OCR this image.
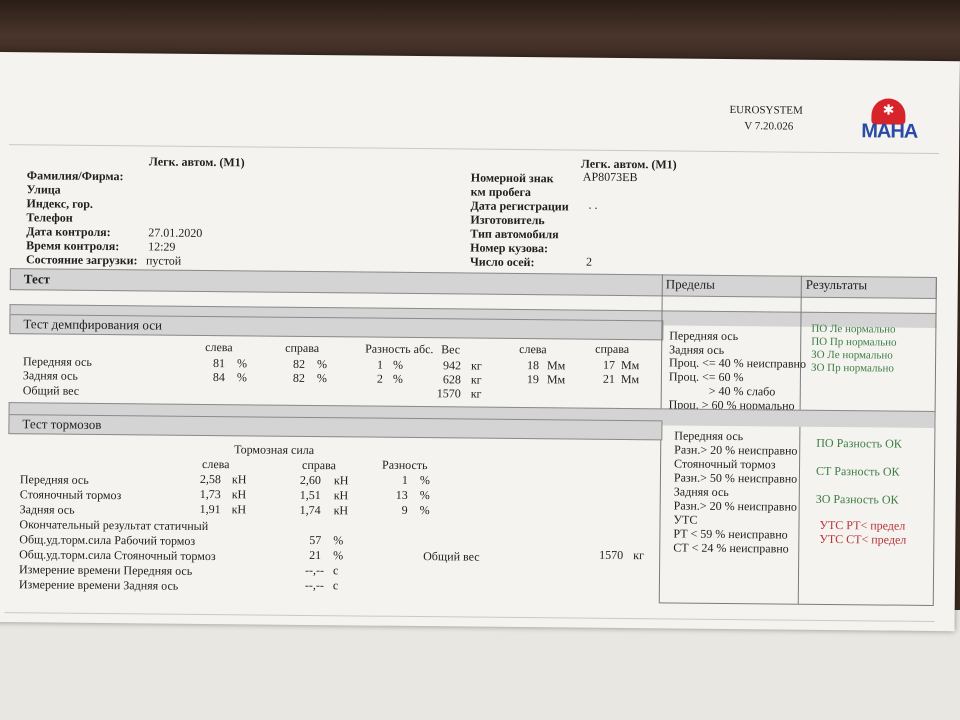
EUROSYSTEM
V 7.20.026
✱
MAHA
Легк. автом. (M1)
Фамилия/Фирма:
Улица
Индекс, гор.
Телефон
Дата контроля:	27.01.2020
Время контроля: 12:29
Состояние загрузки: пустой
Легк. автом. (M1)
Номерной знак АР8073ЕВ
км пробега
Дата регистрации . .
Изготовитель
Тип автомобиля
Номер кузова:
Число осей:	2
Тест	Пределы	Результаты
Тест демпфирования оси
слева	справа	Разность абс. Вес	слева	справа
Передняя ось	81 %	82 %	1 %	942 кг	18 Мм	17 Мм
Задняя ось	84 %	82 %	2 %	628 кг	19 Мм	21 Мм
Общий вес	1570 кг
Передняя ось
Задняя ось
Проц. <= 40 % неисправно
Проц. <= 60 %
> 40 % слабо
Проц. > 60 % нормально
ПО Ле нормально
ПО Пр нормально
ЗО Ле нормально
ЗО Пр нормально
Тест тормозов
Тормозная сила
слева	справа	Разность
Передняя ось	2,58 кН	2,60 кН	1 %
Стояночный тормоз	1,73 кН	1,51 кН	13 %
Задняя ось	1,91 кН	1,74 кН	9 %
Окончательный результат статичный
Общ.уд.торм.сила Рабочий тормоз	57 %
Общ.уд.торм.сила Стояночный тормоз	21 %
Измерение времени Передняя ось	--,-- с
Измерение времени Задняя ось	--,-- с
Общий вес	1570 кг
Передняя ось
Разн.> 20 % неисправно
Стояночный тормоз
Разн.> 50 % неисправно
Задняя ось
Разн.> 20 % неисправно
УТС
РТ < 59 % неисправно
СТ < 24 % неисправно
ПО Разность ОК
СТ Разность ОК
ЗО Разность ОК
УТС РТ< предел
УТС СТ< предел
